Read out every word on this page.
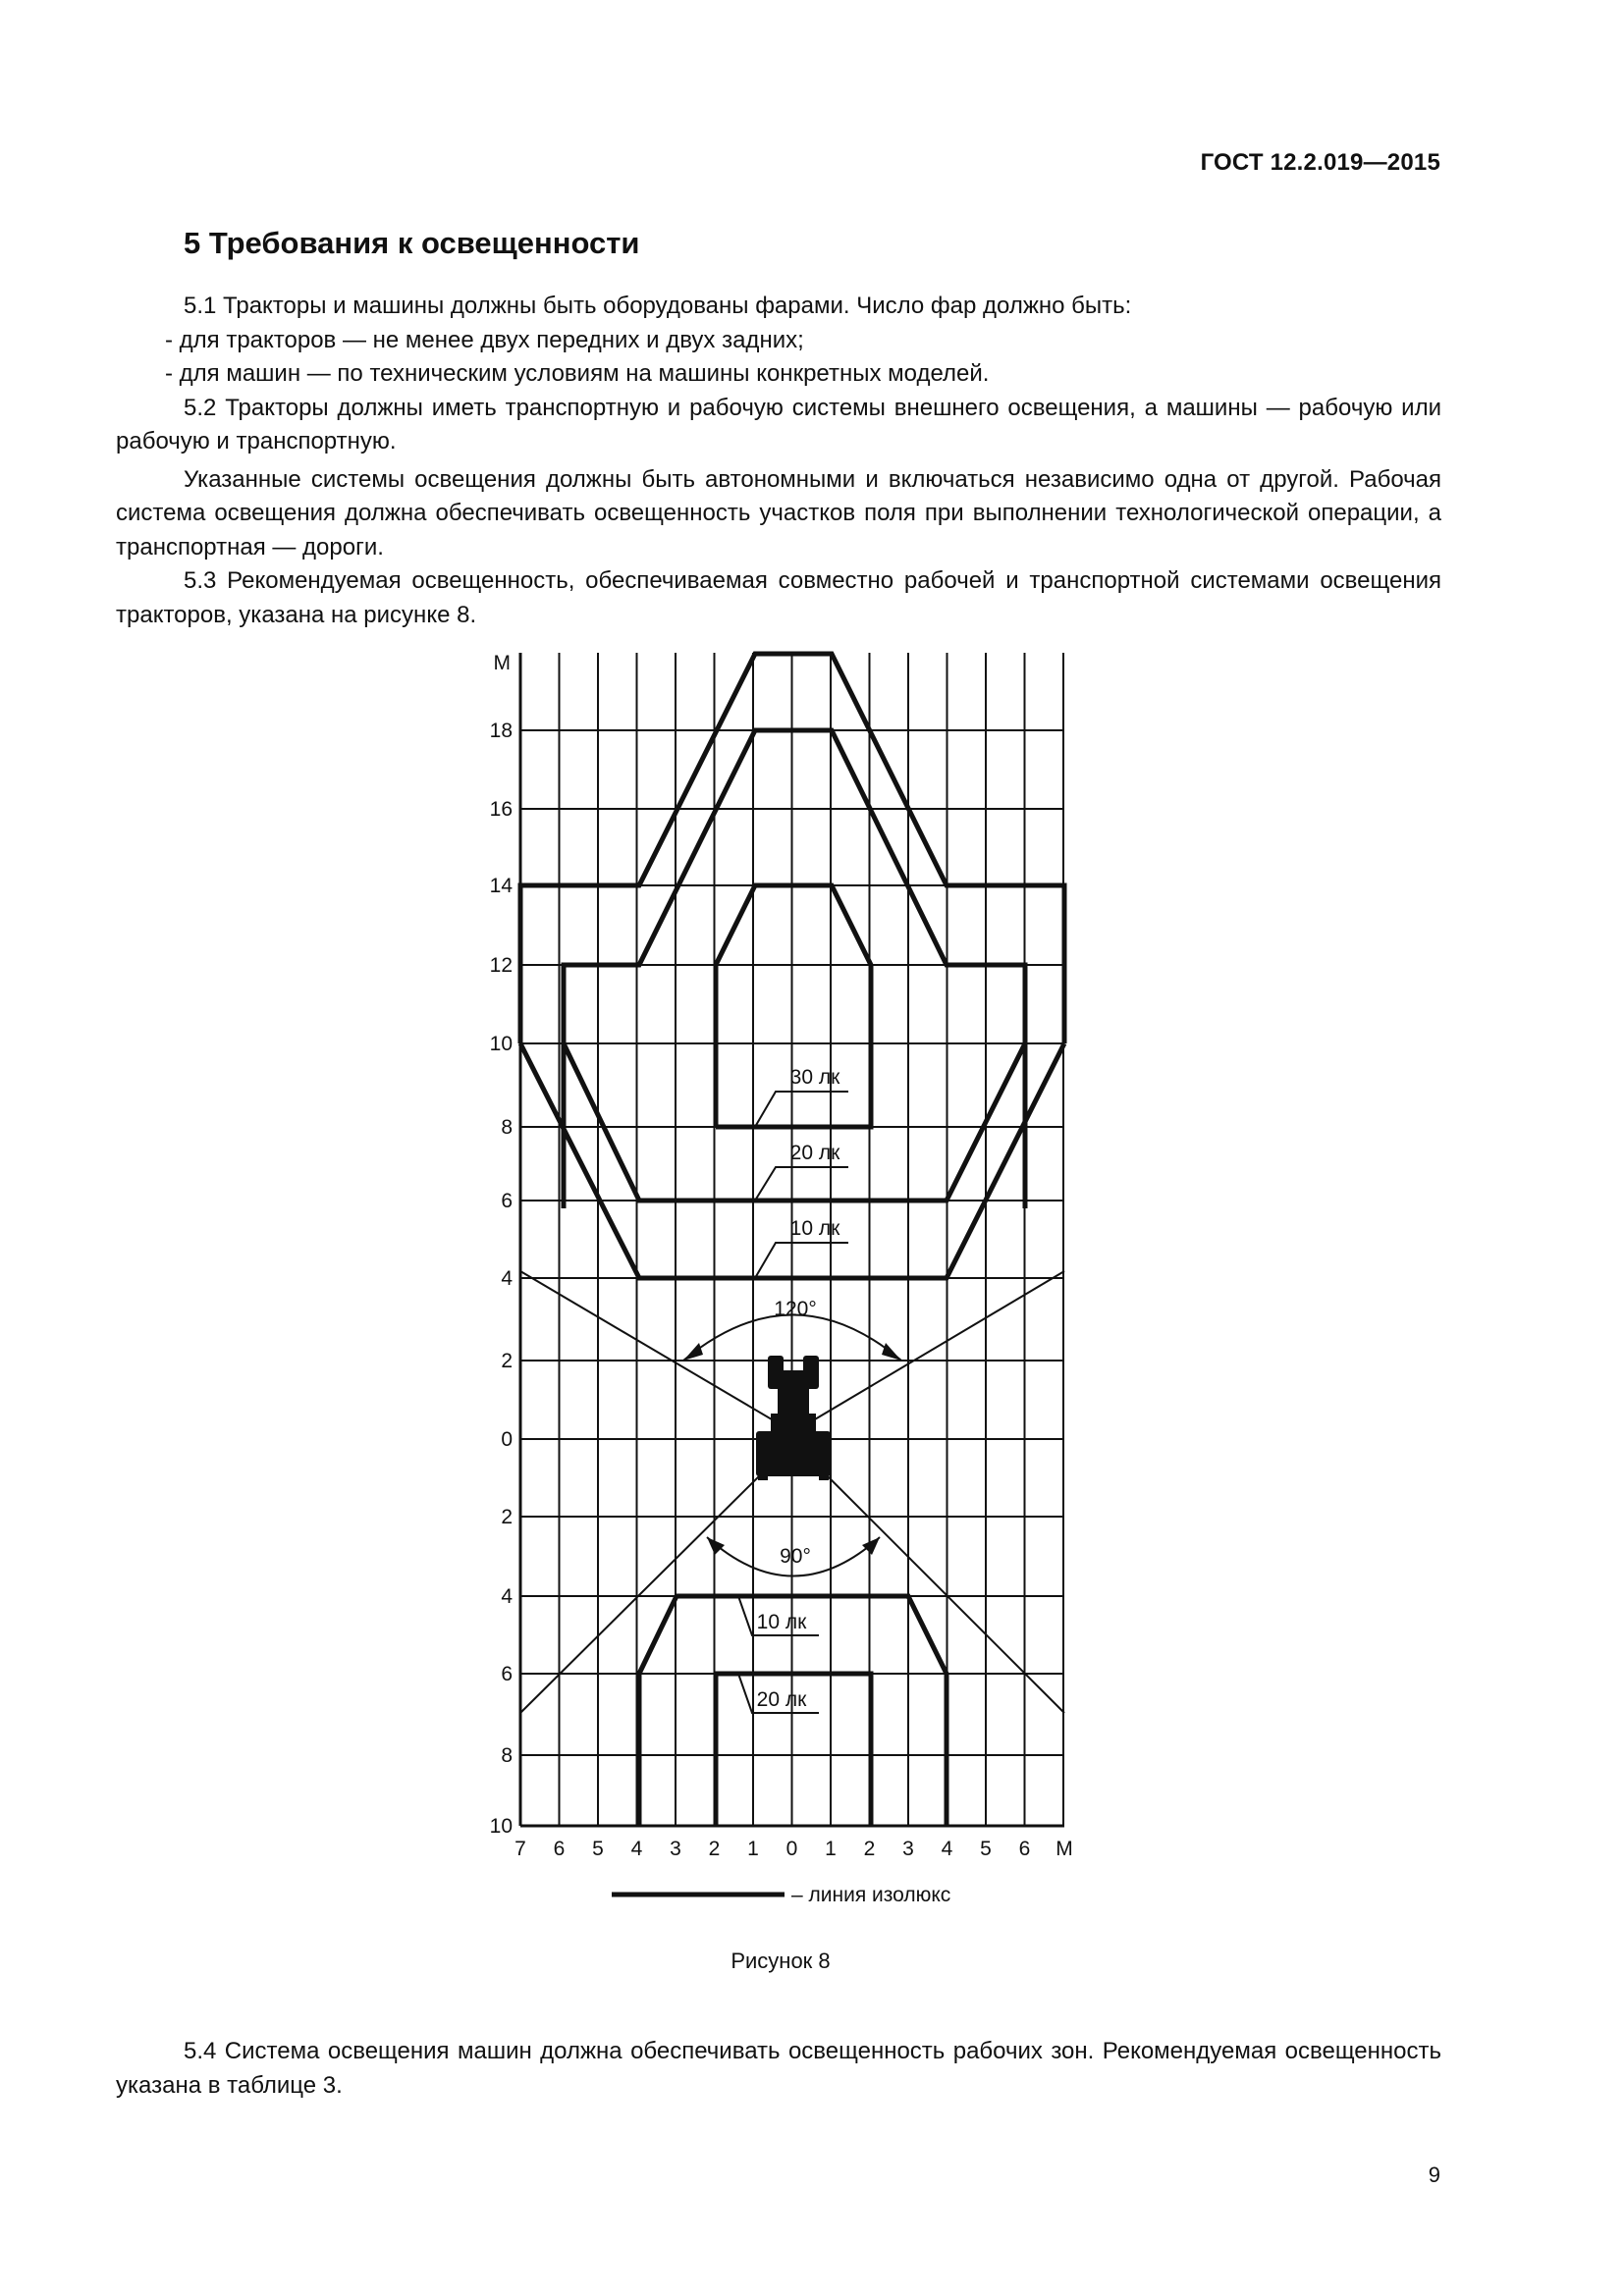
ГОСТ 12.2.019—2015
5 Требования к освещенности

5.1 Тракторы и машины должны быть оборудованы фарами. Число фар должно быть:

- для тракторов — не менее двух передних и двух задних;

- для машин — по техническим условиям на машины конкретных моделей.

5.2 Тракторы должны иметь транспортную и рабочую системы внешнего освещения, а машины — рабочую или рабочую и транспортную.

Указанные системы освещения должны быть автономными и включаться независимо одна от другой. Рабочая система освещения должна обеспечивать освещенность участков поля при выполнении технологической операции, а транспортная — дороги.

5.3 Рекомендуемая освещенность, обеспечиваемая совместно рабочей и транспортной системами освещения тракторов, указана на рисунке 8.

М
18
16
14
12
10
8
6
4
2
0
2
4
6
8
10
7 6 5 4 3 2 1 0 1 2 3 4 5 6 М
30 лк
20 лк
10 лк
10 лк
20 лк
120°
90°
– линия изолюкс
Рисунок 8

5.4 Система освещения машин должна обеспечивать освещенность рабочих зон. Рекомендуемая освещенность указана в таблице 3.

9
